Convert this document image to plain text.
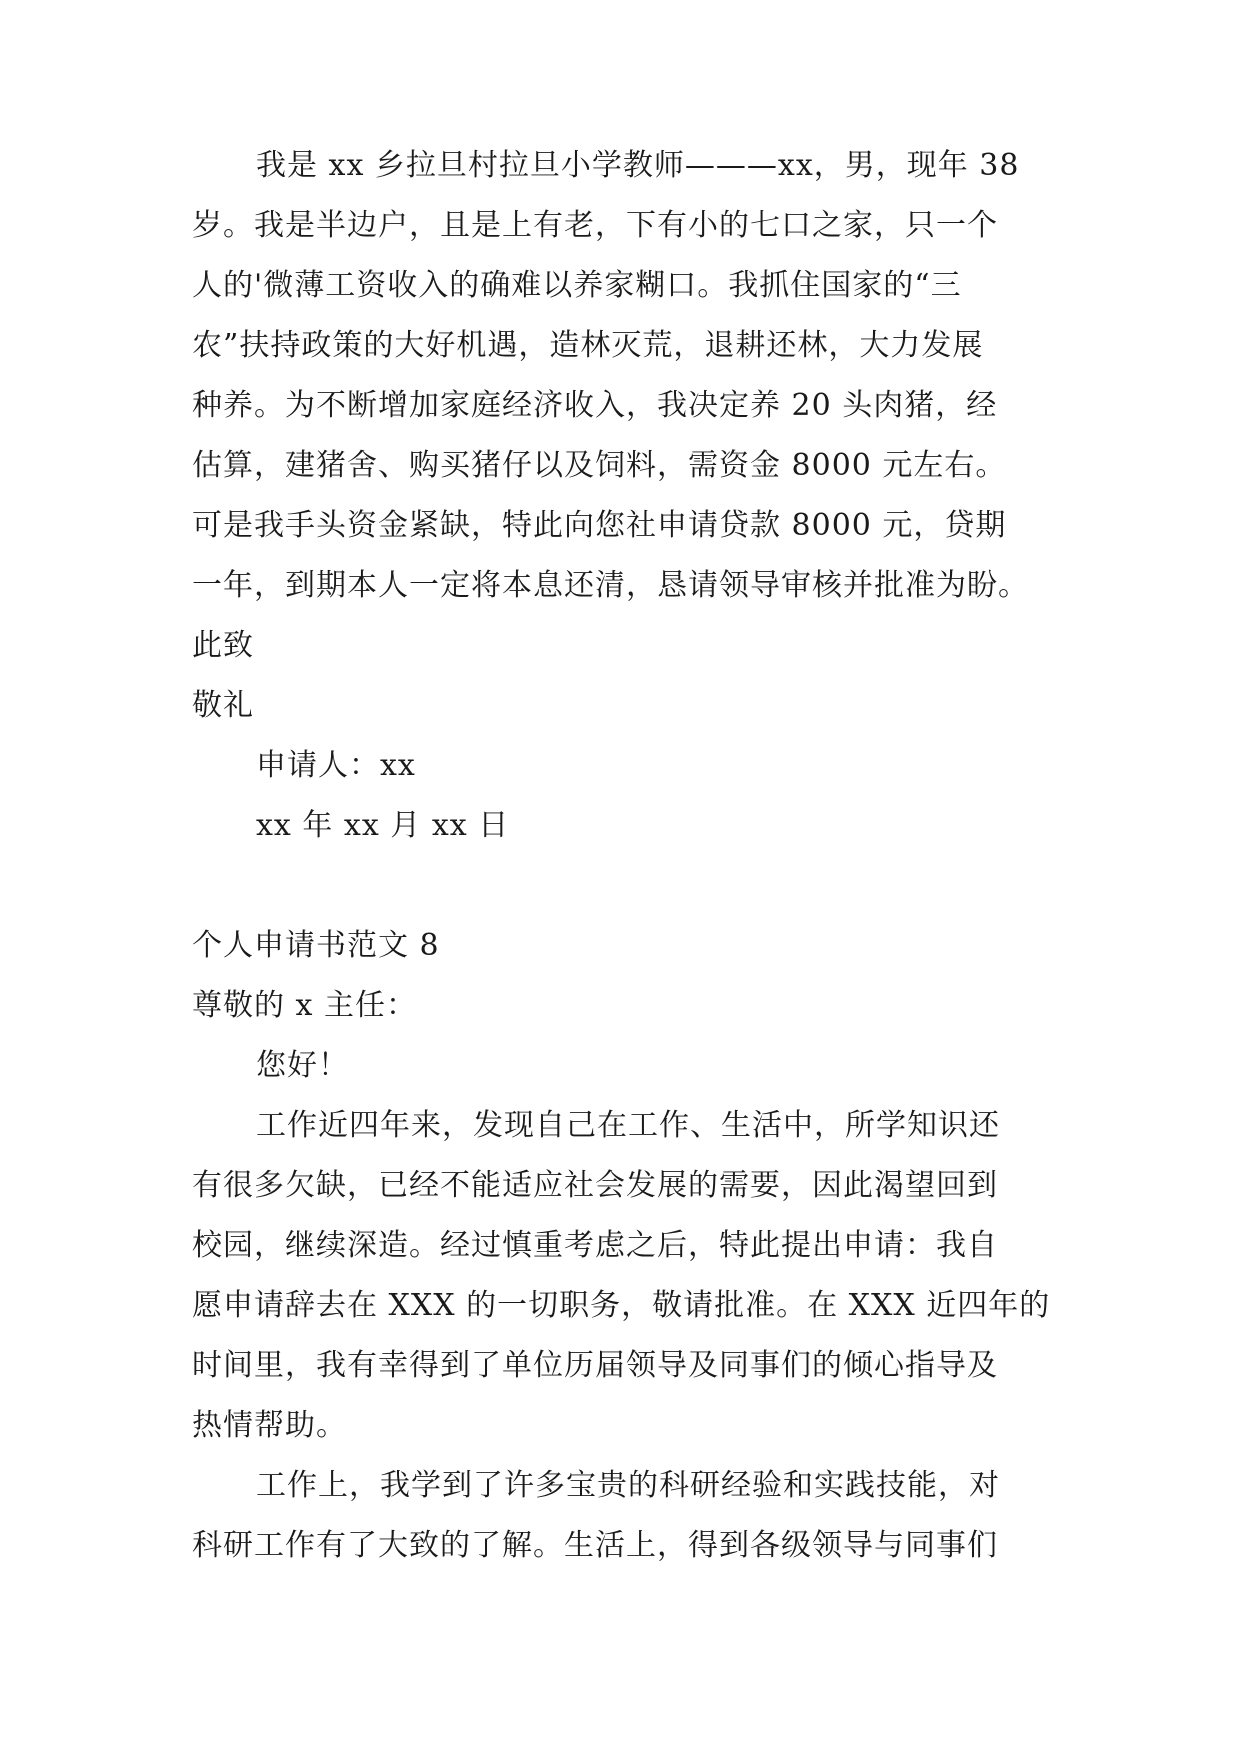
我是 xx 乡拉旦村拉旦小学教师———xx，男，现年 38
岁。我是半边户，且是上有老，下有小的七口之家，只一个
人的'微薄工资收入的确难以养家糊口。我抓住国家的“三
农”扶持政策的大好机遇，造林灭荒，退耕还林，大力发展
种养。为不断增加家庭经济收入，我决定养 20 头肉猪，经
估算，建猪舍、购买猪仔以及饲料，需资金 8000 元左右。
可是我手头资金紧缺，特此向您社申请贷款 8000 元，贷期
一年，到期本人一定将本息还清，恳请领导审核并批准为盼。

此致

敬礼

申请人：xx

xx 年 xx 月 xx 日

个人申请书范文 8

尊敬的 x 主任：

您好！

工作近四年来，发现自己在工作、生活中，所学知识还
有很多欠缺，已经不能适应社会发展的需要，因此渴望回到
校园，继续深造。经过慎重考虑之后，特此提出申请：我自
愿申请辞去在 XXX 的一切职务，敬请批准。在 XXX 近四年的
时间里，我有幸得到了单位历届领导及同事们的倾心指导及
热情帮助。
工作上，我学到了许多宝贵的科研经验和实践技能，对
科研工作有了大致的了解。生活上，得到各级领导与同事们
